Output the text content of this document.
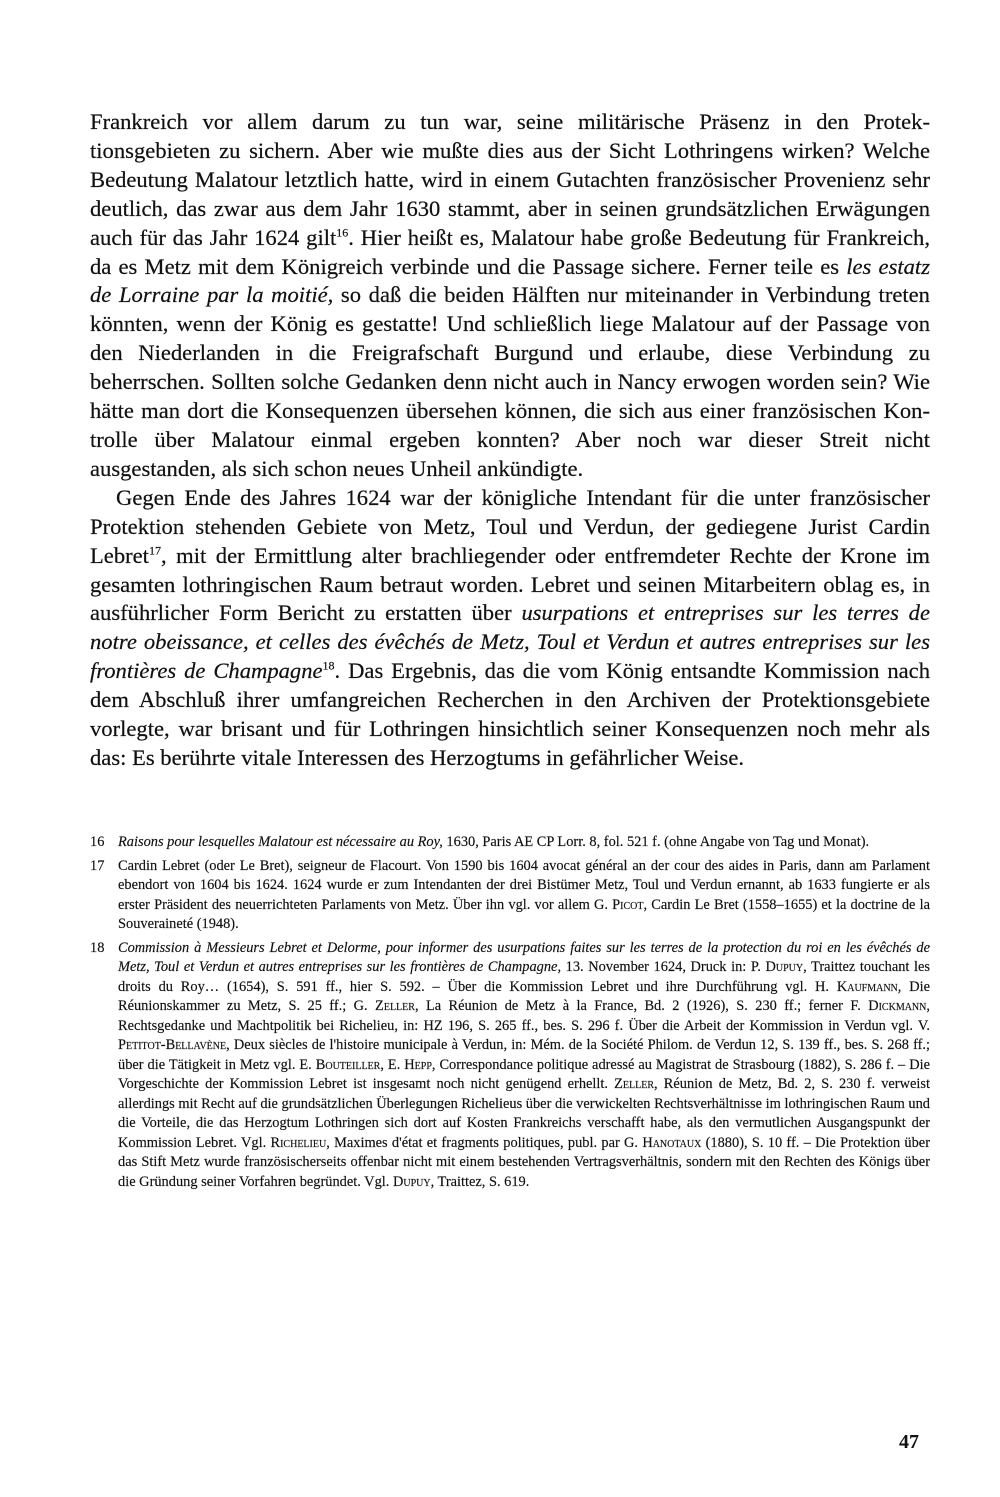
Frankreich vor allem darum zu tun war, seine militärische Präsenz in den Protektionsgebieten zu sichern. Aber wie mußte dies aus der Sicht Lothringens wirken? Welche Bedeutung Malatour letztlich hatte, wird in einem Gutachten französischer Provenienz sehr deutlich, das zwar aus dem Jahr 1630 stammt, aber in seinen grundsätzlichen Erwägungen auch für das Jahr 1624 gilt$^{16}$. Hier heißt es, Malatour habe große Bedeutung für Frankreich, da es Metz mit dem Königreich verbinde und die Passage sichere. Ferner teile es les estatz de Lorraine par la moitié, so daß die beiden Hälften nur miteinander in Verbindung treten könnten, wenn der König es gestatte! Und schließlich liege Malatour auf der Passage von den Niederlanden in die Freigrafschaft Burgund und erlaube, diese Verbindung zu beherrschen. Sollten solche Gedanken denn nicht auch in Nancy erwogen worden sein? Wie hätte man dort die Konsequenzen übersehen können, die sich aus einer französischen Kontrolle über Malatour einmal ergeben konnten? Aber noch war dieser Streit nicht ausgestanden, als sich schon neues Unheil ankündigte.

Gegen Ende des Jahres 1624 war der königliche Intendant für die unter französischer Protektion stehenden Gebiete von Metz, Toul und Verdun, der gediegene Jurist Cardin Lebret$^{17}$, mit der Ermittlung alter brachliegender oder entfremdeter Rechte der Krone im gesamten lothringischen Raum betraut worden. Lebret und seinen Mitarbeitern oblag es, in ausführlicher Form Bericht zu erstatten über usurpations et entreprises sur les terres de notre obeissance, et celles des évêchés de Metz, Toul et Verdun et autres entreprises sur les frontières de Champagne$^{18}$. Das Ergebnis, das die vom König entsandte Kommission nach dem Abschluß ihrer umfangreichen Recherchen in den Archiven der Protektionsgebiete vorlegte, war brisant und für Lothringen hinsichtlich seiner Konsequenzen noch mehr als das: Es berührte vitale Interessen des Herzogtums in gefährlicher Weise.

16 Raisons pour lesquelles Malatour est nécessaire au Roy, 1630, Paris AE CP Lorr. 8, fol. 521 f. (ohne Angabe von Tag und Monat).
17 Cardin Lebret (oder Le Bret), seigneur de Flacourt. Von 1590 bis 1604 avocat général an der cour des aides in Paris, dann am Parlament ebendort von 1604 bis 1624. 1624 wurde er zum Intendanten der drei Bistümer Metz, Toul und Verdun ernannt, ab 1633 fungierte er als erster Präsident des neuerrichteten Parlaments von Metz. Über ihn vgl. vor allem G. Picot, Cardin Le Bret (1558–1655) et la doctrine de la Souveraineté (1948).
18 Commission à Messieurs Lebret et Delorme, pour informer des usurpations faites sur les terres de la protection du roi en les évêchés de Metz, Toul et Verdun et autres entreprises sur les frontières de Champagne, 13. November 1624, Druck in: P. Dupuy, Traittez touchant les droits du Roy… (1654), S. 591 ff., hier S. 592. – Über die Kommission Lebret und ihre Durchführung vgl. H. Kaufmann, Die Réunionskammer zu Metz, S. 25 ff.; G. Zeller, La Réunion de Metz à la France, Bd. 2 (1926), S. 230 ff.; ferner F. Dickmann, Rechtsgedanke und Machtpolitik bei Richelieu, in: HZ 196, S. 265 ff., bes. S. 296 f. Über die Arbeit der Kommission in Verdun vgl. V. Petitot-Bellavène, Deux siècles de l'histoire municipale à Verdun, in: Mém. de la Société Philom. de Verdun 12, S. 139 ff., bes. S. 268 ff.; über die Tätigkeit in Metz vgl. E. Bouteiller, E. Hepp, Correspondance politique adressé au Magistrat de Strasbourg (1882), S. 286 f. – Die Vorgeschichte der Kommission Lebret ist insgesamt noch nicht genügend erhellt. Zeller, Réunion de Metz, Bd. 2, S. 230 f. verweist allerdings mit Recht auf die grundsätzlichen Überlegungen Richelieus über die verwickelten Rechtsverhältnisse im lothringischen Raum und die Vorteile, die das Herzogtum Lothringen sich dort auf Kosten Frankreichs verschafft habe, als den vermutlichen Ausgangspunkt der Kommission Lebret. Vgl. Richelieu, Maximes d'état et fragments politiques, publ. par G. Hanotaux (1880), S. 10 ff. – Die Protektion über das Stift Metz wurde französischerseits offenbar nicht mit einem bestehenden Vertragsverhältnis, sondern mit den Rechten des Königs über die Gründung seiner Vorfahren begründet. Vgl. Dupuy, Traittez, S. 619.
47
